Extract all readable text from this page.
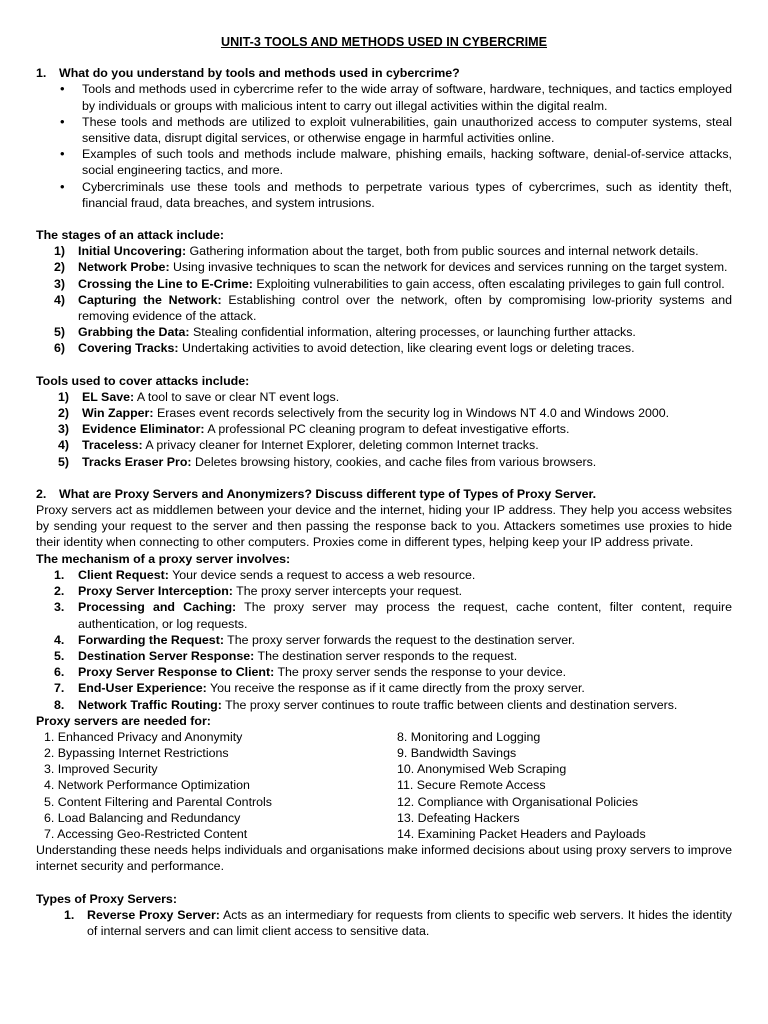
UNIT-3 TOOLS AND METHODS USED IN CYBERCRIME
1.	What do you understand by tools and methods used in cybercrime?
• Tools and methods used in cybercrime refer to the wide array of software, hardware, techniques, and tactics employed by individuals or groups with malicious intent to carry out illegal activities within the digital realm.
• These tools and methods are utilized to exploit vulnerabilities, gain unauthorized access to computer systems, steal sensitive data, disrupt digital services, or otherwise engage in harmful activities online.
• Examples of such tools and methods include malware, phishing emails, hacking software, denial-of-service attacks, social engineering tactics, and more.
• Cybercriminals use these tools and methods to perpetrate various types of cybercrimes, such as identity theft, financial fraud, data breaches, and system intrusions.
The stages of an attack include:
1) Initial Uncovering: Gathering information about the target, both from public sources and internal network details.
2) Network Probe: Using invasive techniques to scan the network for devices and services running on the target system.
3) Crossing the Line to E-Crime: Exploiting vulnerabilities to gain access, often escalating privileges to gain full control.
4) Capturing the Network: Establishing control over the network, often by compromising low-priority systems and removing evidence of the attack.
5) Grabbing the Data: Stealing confidential information, altering processes, or launching further attacks.
6) Covering Tracks: Undertaking activities to avoid detection, like clearing event logs or deleting traces.
Tools used to cover attacks include:
1) EL Save: A tool to save or clear NT event logs.
2) Win Zapper: Erases event records selectively from the security log in Windows NT 4.0 and Windows 2000.
3) Evidence Eliminator: A professional PC cleaning program to defeat investigative efforts.
4) Traceless: A privacy cleaner for Internet Explorer, deleting common Internet tracks.
5) Tracks Eraser Pro: Deletes browsing history, cookies, and cache files from various browsers.
2.	What are Proxy Servers and Anonymizers? Discuss different type of Types of Proxy Server.

Proxy servers act as middlemen between your device and the internet, hiding your IP address. They help you access websites by sending your request to the server and then passing the response back to you. Attackers sometimes use proxies to hide their identity when connecting to other computers. Proxies come in different types, helping keep your IP address private.

The mechanism of a proxy server involves:
1. Client Request: Your device sends a request to access a web resource.
2. Proxy Server Interception: The proxy server intercepts your request.
3. Processing and Caching: The proxy server may process the request, cache content, filter content, require authentication, or log requests.
4. Forwarding the Request: The proxy server forwards the request to the destination server.
5. Destination Server Response: The destination server responds to the request.
6. Proxy Server Response to Client: The proxy server sends the response to your device.
7. End-User Experience: You receive the response as if it came directly from the proxy server.
8. Network Traffic Routing: The proxy server continues to route traffic between clients and destination servers.
Proxy servers are needed for:
1. Enhanced Privacy and Anonymity
2. Bypassing Internet Restrictions
3. Improved Security
4. Network Performance Optimization
5. Content Filtering and Parental Controls
6. Load Balancing and Redundancy
7. Accessing Geo-Restricted Content
8. Monitoring and Logging
9. Bandwidth Savings
10. Anonymised Web Scraping
11. Secure Remote Access
12. Compliance with Organisational Policies
13. Defeating Hackers
14. Examining Packet Headers and Payloads

Understanding these needs helps individuals and organisations make informed decisions about using proxy servers to improve internet security and performance.

Types of Proxy Servers:
1. Reverse Proxy Server: Acts as an intermediary for requests from clients to specific web servers. It hides the identity of internal servers and can limit client access to sensitive data.
